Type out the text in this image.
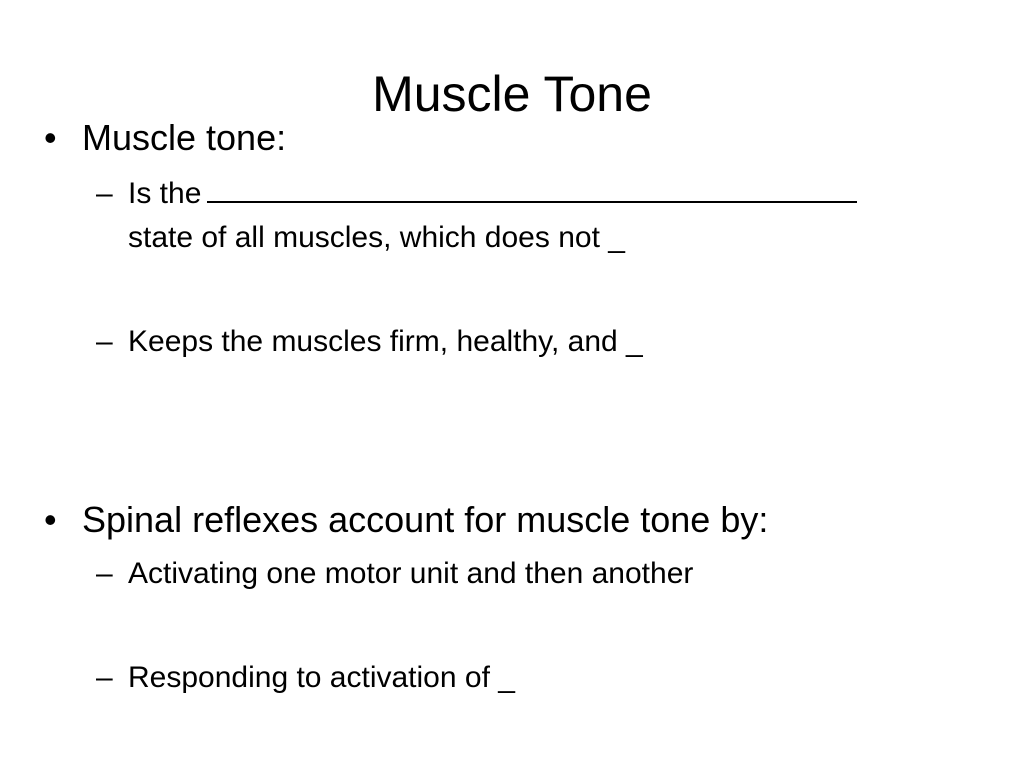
Muscle Tone
• Muscle tone:
– Is the
state of all muscles, which does not _
– Keeps the muscles firm, healthy, and _
• Spinal reflexes account for muscle tone by:
– Activating one motor unit and then another
– Responding to activation of _
